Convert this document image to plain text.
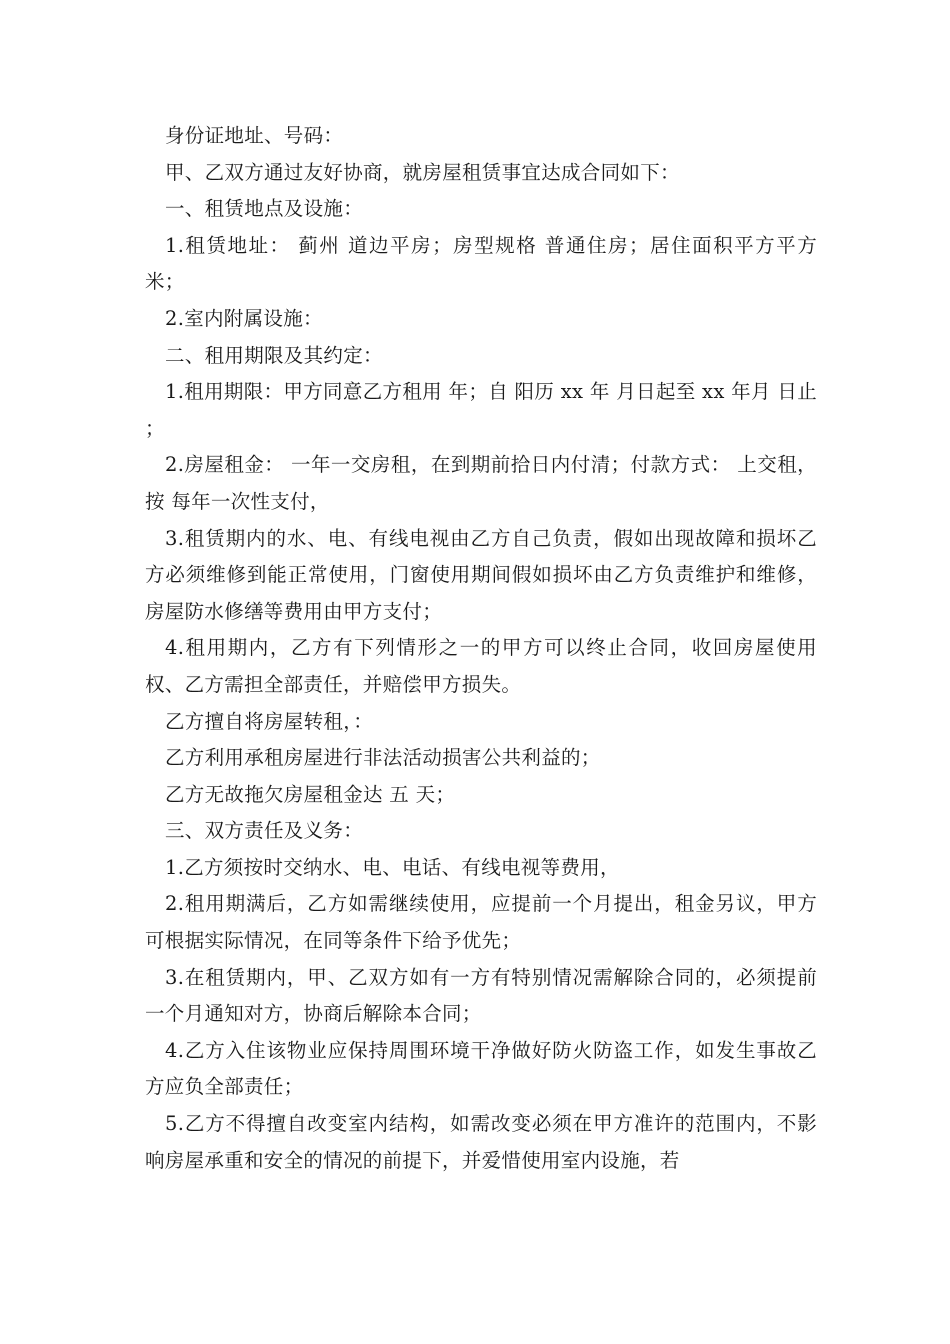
身份证地址、号码：

甲、乙双方通过友好协商，就房屋租赁事宜达成合同如下：

一、租赁地点及设施：

1.租赁地址： 蓟州 道边平房；房型规格 普通住房；居住面积平方平方米；

2.室内附属设施：

二、租用期限及其约定：

1.租用期限：甲方同意乙方租用 年；自 阳历 xx 年 月日起至 xx 年月 日止 ；

2.房屋租金： 一年一交房租，在到期前拾日内付清；付款方式： 上交租，按 每年一次性支付，

3.租赁期内的水、电、有线电视由乙方自己负责，假如出现故障和损坏乙方必须维修到能正常使用，门窗使用期间假如损坏由乙方负责维护和维修，房屋防水修缮等费用由甲方支付；

4.租用期内，乙方有下列情形之一的甲方可以终止合同，收回房屋使用权、乙方需担全部责任，并赔偿甲方损失。

乙方擅自将房屋转租，：

乙方利用承租房屋进行非法活动损害公共利益的；

乙方无故拖欠房屋租金达 五 天；

三、双方责任及义务：

1.乙方须按时交纳水、电、电话、有线电视等费用，

2.租用期满后，乙方如需继续使用，应提前一个月提出，租金另议，甲方可根据实际情况，在同等条件下给予优先；

3.在租赁期内，甲、乙双方如有一方有特别情况需解除合同的，必须提前一个月通知对方，协商后解除本合同；

4.乙方入住该物业应保持周围环境干净做好防火防盗工作，如发生事故乙方应负全部责任；

5.乙方不得擅自改变室内结构，如需改变必须在甲方准许的范围内，不影响房屋承重和安全的情况的前提下，并爱惜使用室内设施，若
